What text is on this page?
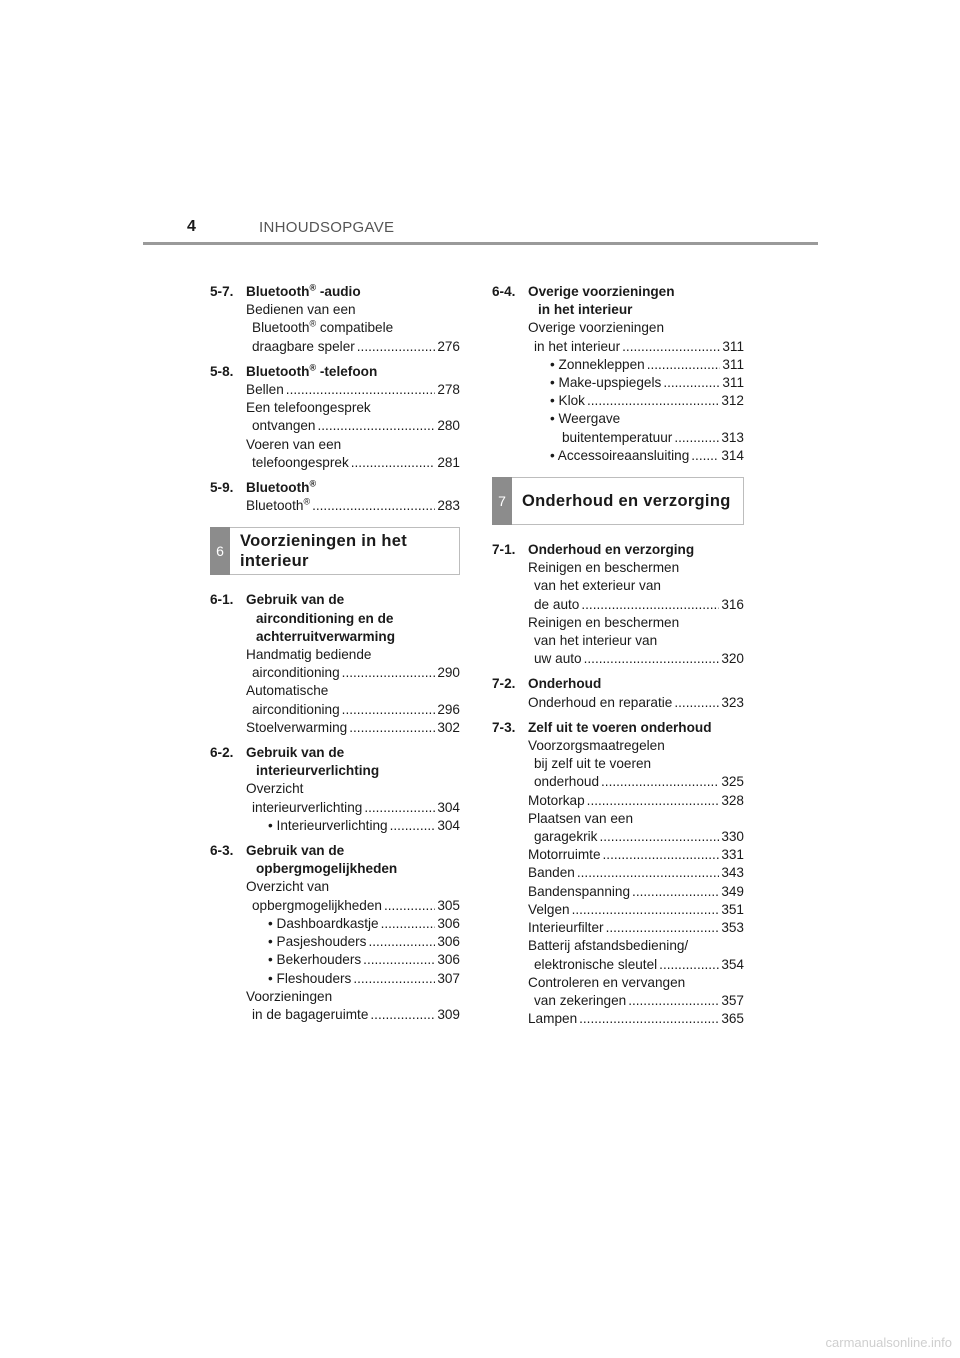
4	INHOUDSOPGAVE
5-7. Bluetooth® -audio
Bedienen van een
Bluetooth® compatibele
draagbare speler .....	276
5-8. Bluetooth® -telefoon
Bellen .....	278
Een telefoongesprek
ontvangen .....	280
Voeren van een
telefoongesprek .....	281
5-9. Bluetooth®
Bluetooth® .....	283
6
Voorzieningen in het interieur
6-1. Gebruik van de

airconditioning en de
achterruitverwarming
Handmatig bediende
airconditioning .....	290
Automatische
airconditioning .....	296
Stoelverwarming .....	302
6-2. Gebruik van de

interieurverlichting
Overzicht
interieurverlichting .....	304
• Interieurverlichting .....	304
6-3. Gebruik van de

opbergmogelijkheden
Overzicht van
opbergmogelijkheden .....	305
• Dashboardkastje .....	306
• Pasjeshouders .....	306
• Bekerhouders .....	306
• Fleshouders .....	307
Voorzieningen
in de bagageruimte .....	309
6-4. Overige voorzieningen

in het interieur
Overige voorzieningen
in het interieur .....	311
• Zonnekleppen .....	311
• Make-upspiegels .....	311
• Klok .....	312
• Weergave
buitentemperatuur .....	313
• Accessoireaansluiting ..... 314
7 Onderhoud en verzorging
7-1. Onderhoud en verzorging
Reinigen en beschermen
van het exterieur van
de auto .....	316
Reinigen en beschermen
van het interieur van
uw auto .....	320
7-2. Onderhoud
Onderhoud en reparatie .....	323
7-3. Zelf uit te voeren onderhoud
Voorzorgsmaatregelen
bij zelf uit te voeren
onderhoud .....	325
Motorkap .....	328
Plaatsen van een
garagekrik .....	330
Motorruimte .....	331
Banden .....	343
Bandenspanning .....	349
Velgen .....	351
Interieurfilter .....	353
Batterij afstandsbediening/
elektronische sleutel .....	354
Controleren en vervangen
van zekeringen .....	357
Lampen .....	365
carmanualsonline.info
